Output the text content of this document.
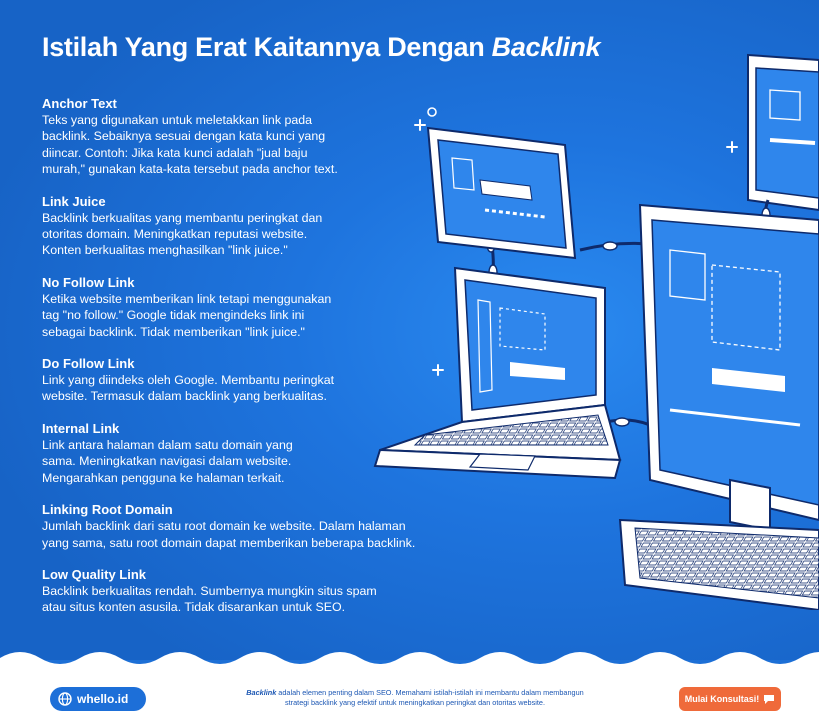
Istilah Yang Erat Kaitannya Dengan Backlink

Anchor Text

Teks yang digunakan untuk meletakkan link pada

backlink. Sebaiknya sesuai dengan kata kunci yang

diincar. Contoh: Jika kata kunci adalah "jual baju

murah," gunakan kata-kata tersebut pada anchor text.

Link Juice

Backlink berkualitas yang membantu peringkat dan

otoritas domain. Meningkatkan reputasi website.

Konten berkualitas menghasilkan "link juice."

No Follow Link

Ketika website memberikan link tetapi menggunakan

tag "no follow." Google tidak mengindeks link ini

sebagai backlink. Tidak memberikan "link juice."

Do Follow Link

Link yang diindeks oleh Google. Membantu peringkat

website. Termasuk dalam backlink yang berkualitas.

Internal Link

Link antara halaman dalam satu domain yang

sama. Meningkatkan navigasi dalam website.

Mengarahkan pengguna ke halaman terkait.

Linking Root Domain

Jumlah backlink dari satu root domain ke website. Dalam halaman

yang sama, satu root domain dapat memberikan beberapa backlink.

Low Quality Link

Backlink berkualitas rendah. Sumbernya mungkin situs spam

atau situs konten asusila. Tidak disarankan untuk SEO.

whello.id	Backlink adalah elemen penting dalam SEO. Memahami istilah-istilah ini membantu dalam membangun
strategi backlink yang efektif untuk meningkatkan peringkat dan otoritas website.	Mulai Konsultasi!
